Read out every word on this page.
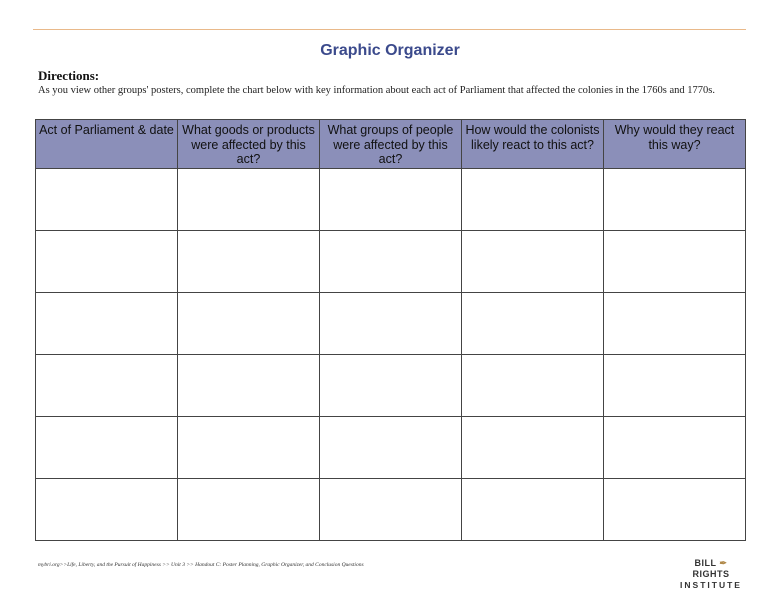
Graphic Organizer
Directions:
As you view other groups' posters, complete the chart below with key information about each act of Parliament that affected the colonies in the 1760s and 1770s.
Act of Parliament & date	What goods or products were affected by this act?	What groups of people were affected by this act?	How would the colonists likely react to this act?	Why would they react this way?

mybri.org>>Life, Liberty, and the Pursuit of Happiness >> Unit 3 >> Handout C: Poster Planning, Graphic Organizer, and Conclusion Questions	BILL ✒ RIGHTS
INSTITUTE
